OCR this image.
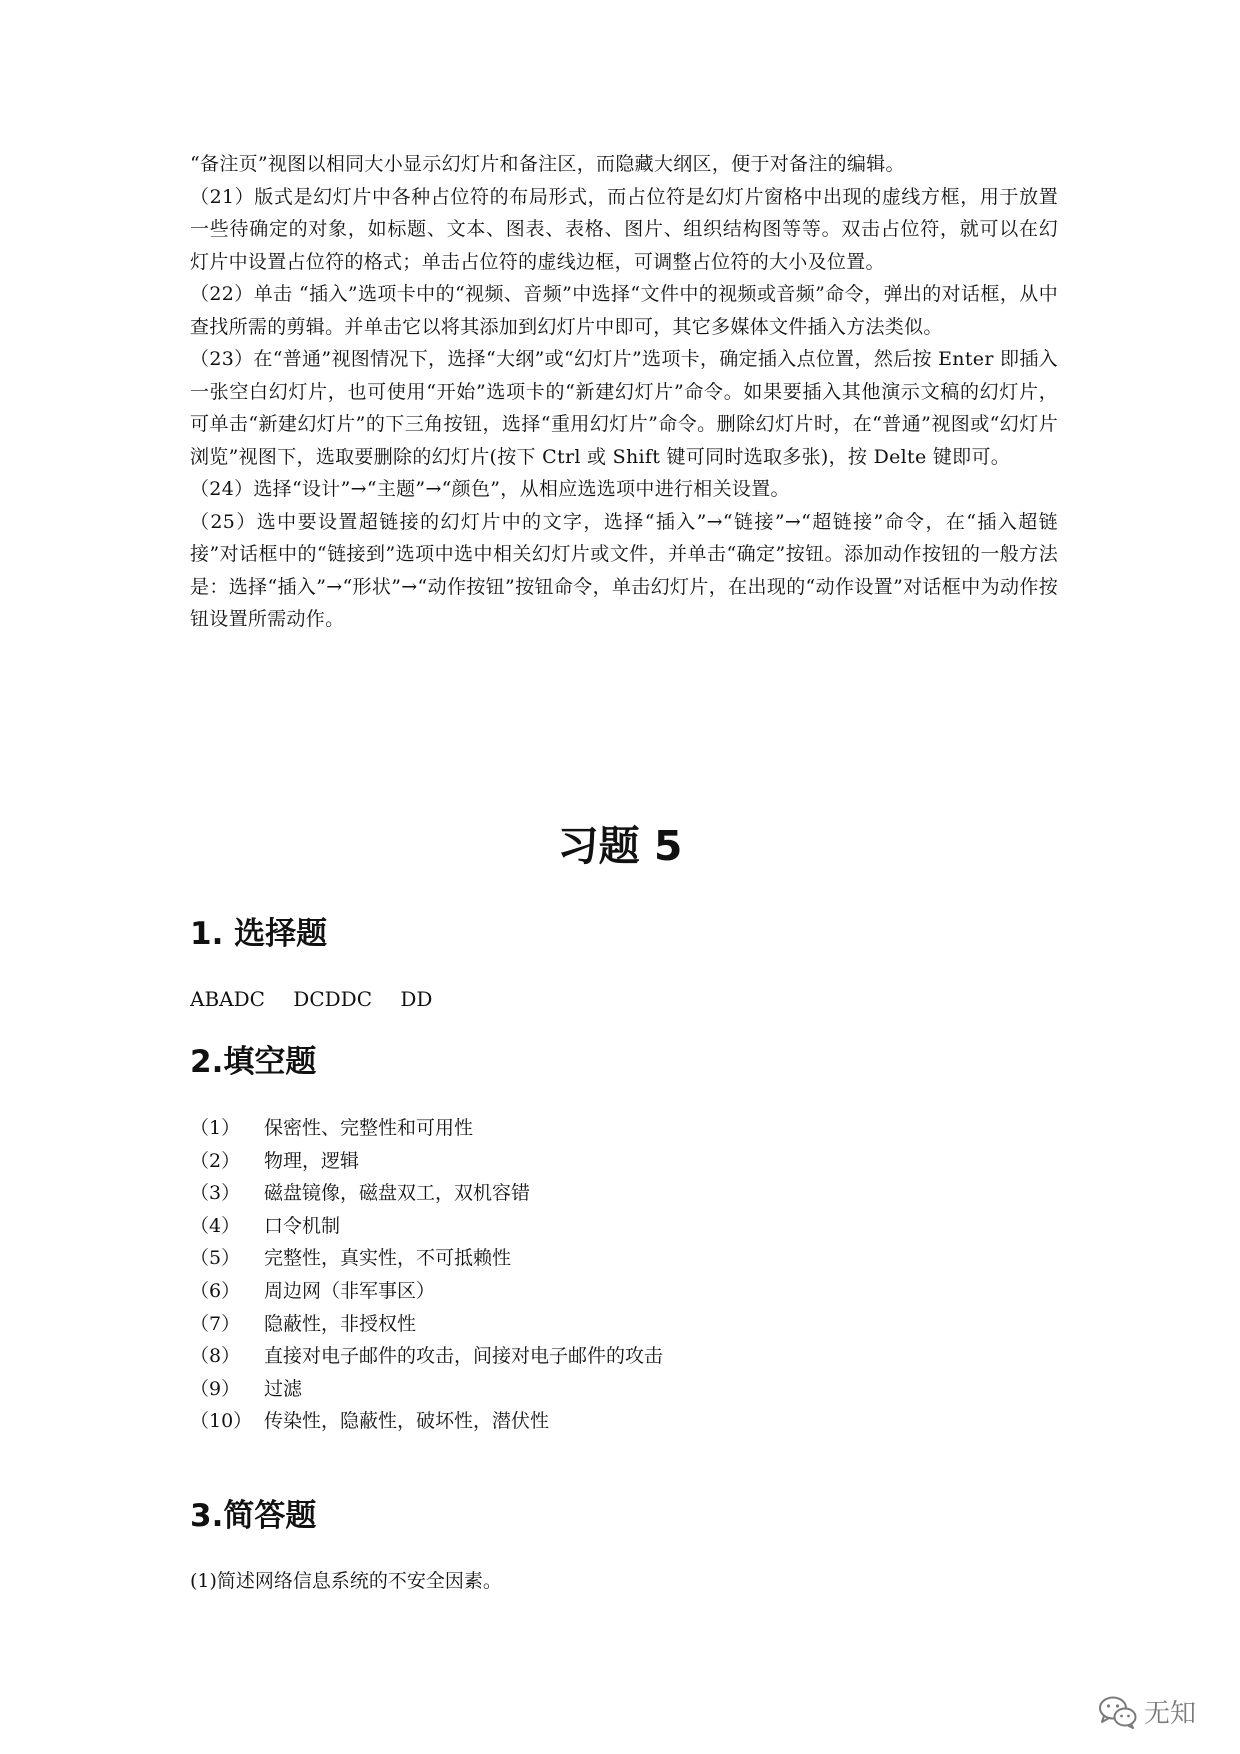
“备注页”视图以相同大小显示幻灯片和备注区，而隐藏大纲区，便于对备注的编辑。

（21）版式是幻灯片中各种占位符的布局形式，而占位符是幻灯片窗格中出现的虚线方框，用于放置一些待确定的对象，如标题、文本、图表、表格、图片、组织结构图等等。双击占位符，就可以在幻灯片中设置占位符的格式；单击占位符的虚线边框，可调整占位符的大小及位置。

（22）单击 “插入”选项卡中的“视频、音频”中选择“文件中的视频或音频”命令，弹出的对话框，从中查找所需的剪辑。并单击它以将其添加到幻灯片中即可，其它多媒体文件插入方法类似。

（23）在“普通”视图情况下，选择“大纲”或“幻灯片”选项卡，确定插入点位置，然后按 Enter 即插入一张空白幻灯片，也可使用“开始”选项卡的“新建幻灯片”命令。如果要插入其他演示文稿的幻灯片，可单击“新建幻灯片”的下三角按钮，选择“重用幻灯片”命令。删除幻灯片时，在“普通”视图或“幻灯片浏览”视图下，选取要删除的幻灯片(按下 Ctrl 或 Shift 键可同时选取多张)，按 Delte 键即可。

（24）选择“设计”→“主题”→“颜色”，从相应选选项中进行相关设置。

（25）选中要设置超链接的幻灯片中的文字，选择“插入”→“链接”→“超链接”命令，在“插入超链接”对话框中的“链接到”选项中选中相关幻灯片或文件，并单击“确定”按钮。添加动作按钮的一般方法是：选择“插入”→“形状”→“动作按钮”按钮命令，单击幻灯片，在出现的“动作设置”对话框中为动作按钮设置所需动作。

习题 5
1. 选择题

ABADC DCDDC DD

2.填空题
（1）	保密性、完整性和可用性
（2）	物理，逻辑
（3）	磁盘镜像，磁盘双工，双机容错
（4）	口令机制
（5）	完整性，真实性，不可抵赖性
（6）	周边网（非军事区）
（7）	隐蔽性，非授权性
（8）	直接对电子邮件的攻击，间接对电子邮件的攻击
（9）	过滤
（10） 传染性，隐蔽性，破坏性，潜伏性
3.简答题

(1)简述网络信息系统的不安全因素。

无知
